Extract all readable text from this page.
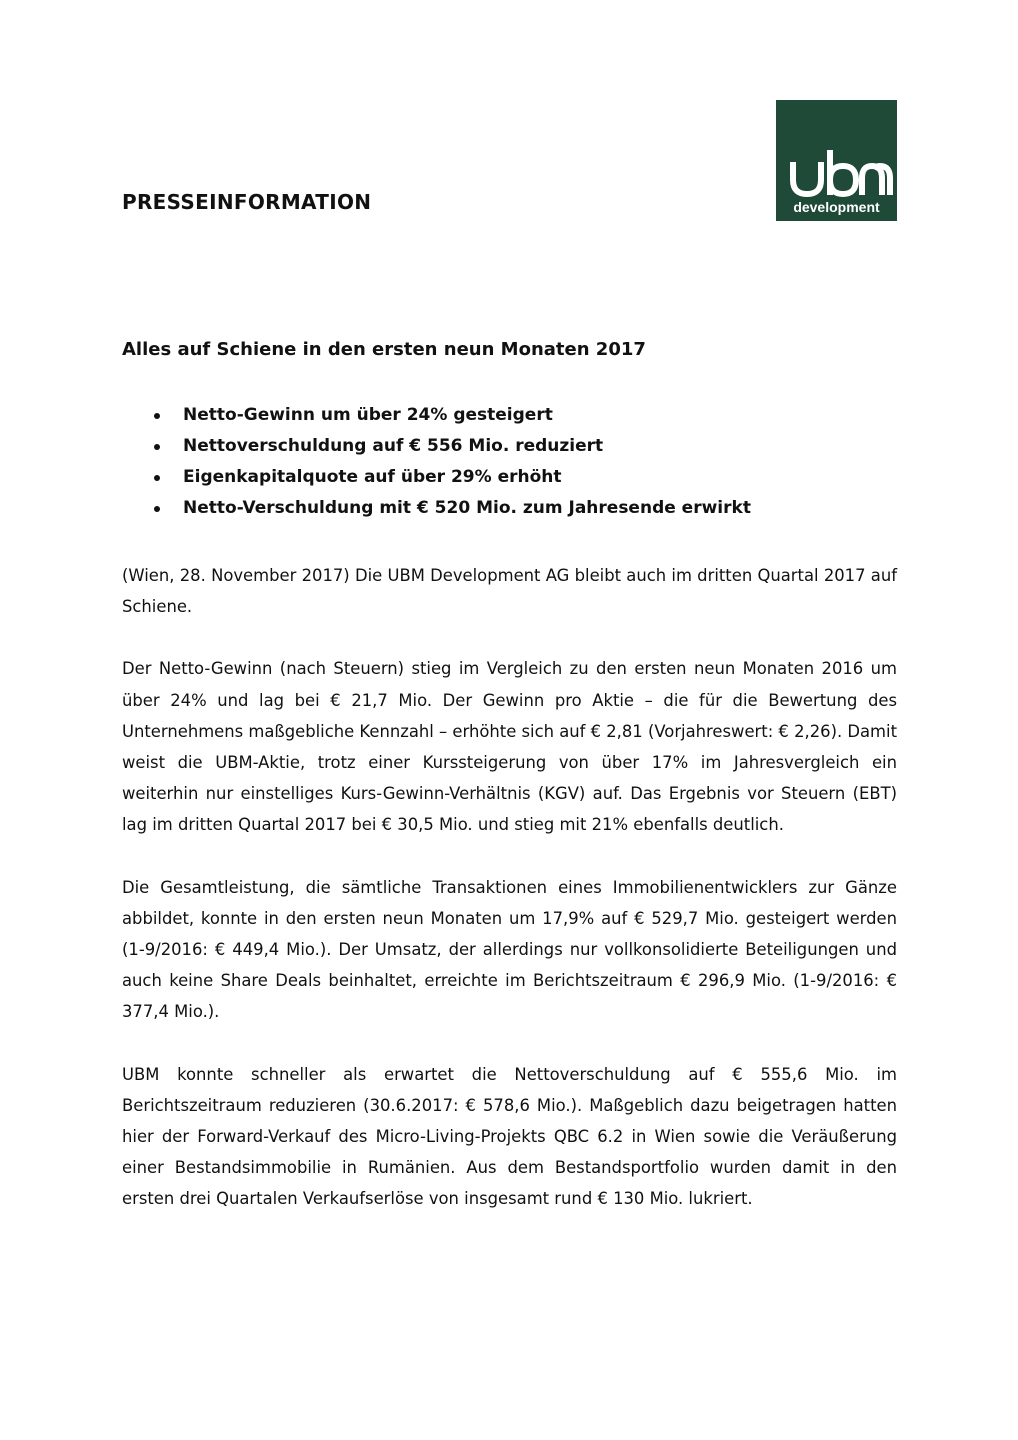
PRESSEINFORMATION	development
Alles auf Schiene in den ersten neun Monaten 2017
Netto-Gewinn um über 24% gesteigert
Nettoverschuldung auf € 556 Mio. reduziert
Eigenkapitalquote auf über 29% erhöht
Netto-Verschuldung mit € 520 Mio. zum Jahresende erwirkt

(Wien, 28. November 2017) Die UBM Development AG bleibt auch im dritten Quartal 2017 auf Schiene.

Der Netto-Gewinn (nach Steuern) stieg im Vergleich zu den ersten neun Monaten 2016 um über 24% und lag bei € 21,7 Mio. Der Gewinn pro Aktie – die für die Bewertung des Unternehmens maßgebliche Kennzahl – erhöhte sich auf € 2,81 (Vorjahreswert: € 2,26). Damit weist die UBM-Aktie, trotz einer Kurssteigerung von über 17% im Jahresvergleich ein weiterhin nur einstelliges Kurs-Gewinn-Verhältnis (KGV) auf. Das Ergebnis vor Steuern (EBT) lag im dritten Quartal 2017 bei € 30,5 Mio. und stieg mit 21% ebenfalls deutlich.

Die Gesamtleistung, die sämtliche Transaktionen eines Immobilienentwicklers zur Gänze abbildet, konnte in den ersten neun Monaten um 17,9% auf € 529,7 Mio. gesteigert werden (1-9/2016: € 449,4 Mio.). Der Umsatz, der allerdings nur vollkonsolidierte Beteiligungen und auch keine Share Deals beinhaltet, erreichte im Berichtszeitraum € 296,9 Mio. (1-9/2016: € 377,4 Mio.).

UBM konnte schneller als erwartet die Nettoverschuldung auf € 555,6 Mio. im Berichtszeitraum reduzieren (30.6.2017: € 578,6 Mio.). Maßgeblich dazu beigetragen hatten hier der Forward-Verkauf des Micro-Living-Projekts QBC 6.2 in Wien sowie die Veräußerung einer Bestandsimmobilie in Rumänien. Aus dem Bestandsportfolio wurden damit in den ersten drei Quartalen Verkaufserlöse von insgesamt rund € 130 Mio. lukriert.
